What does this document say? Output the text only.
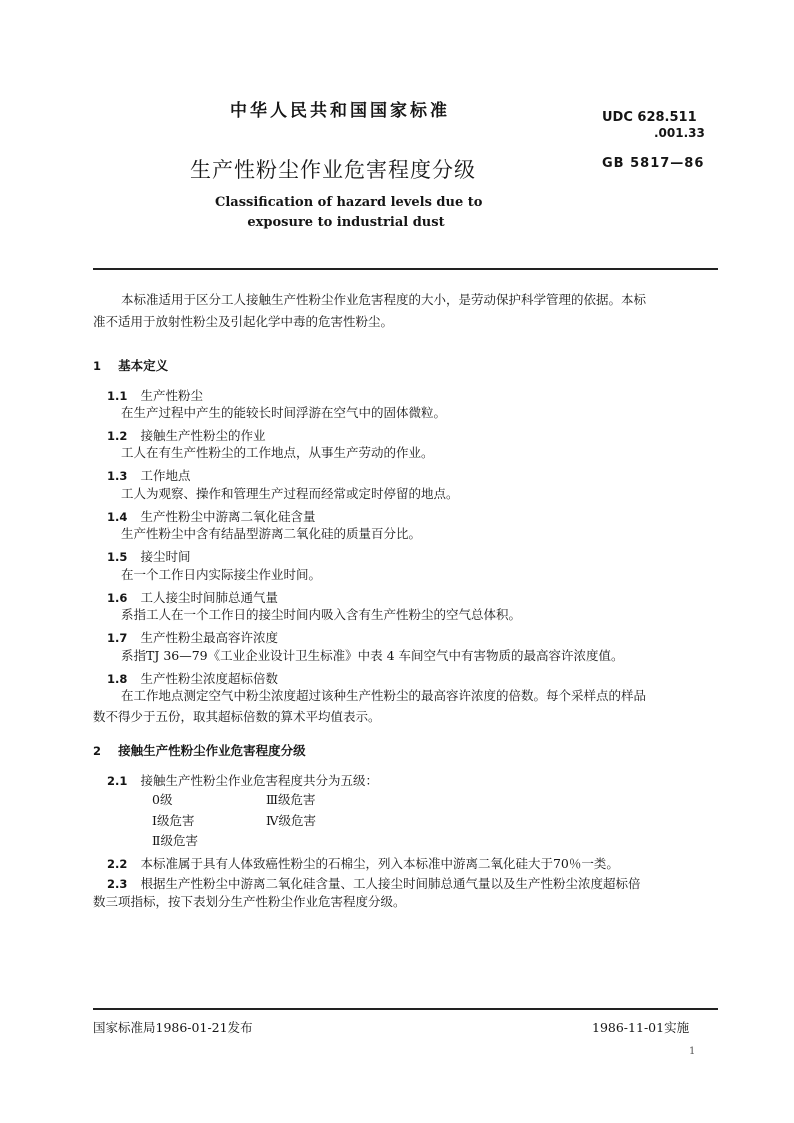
中华人民共和国国家标准	UDC 628.511
.001.33
GB 5817—86
生产性粉尘作业危害程度分级
Classification of hazard levels due to
exposure to industrial dust
本标准适用于区分工人接触生产性粉尘作业危害程度的大小，是劳动保护科学管理的依据。本标
准不适用于放射性粉尘及引起化学中毒的危害性粉尘。
1 基本定义
1.1 生产性粉尘
在生产过程中产生的能较长时间浮游在空气中的固体微粒。
1.2 接触生产性粉尘的作业
工人在有生产性粉尘的工作地点，从事生产劳动的作业。
1.3 工作地点
工人为观察、操作和管理生产过程而经常或定时停留的地点。
1.4 生产性粉尘中游离二氧化硅含量
生产性粉尘中含有结晶型游离二氧化硅的质量百分比。
1.5 接尘时间
在一个工作日内实际接尘作业时间。
1.6 工人接尘时间肺总通气量
系指工人在一个工作日的接尘时间内吸入含有生产性粉尘的空气总体积。
1.7 生产性粉尘最高容许浓度
系指TJ 36—79《工业企业设计卫生标准》中表 4 车间空气中有害物质的最高容许浓度值。
1.8 生产性粉尘浓度超标倍数
在工作地点测定空气中粉尘浓度超过该种生产性粉尘的最高容许浓度的倍数。每个采样点的样品
数不得少于五份，取其超标倍数的算术平均值表示。
2 接触生产性粉尘作业危害程度分级
2.1 接触生产性粉尘作业危害程度共分为五级：
0级	Ⅲ级危害
Ⅰ级危害	Ⅳ级危害
Ⅱ级危害
2.2 本标准属于具有人体致癌性粉尘的石棉尘，列入本标准中游离二氧化硅大于70％一类。
2.3 根据生产性粉尘中游离二氧化硅含量、工人接尘时间肺总通气量以及生产性粉尘浓度超标倍
数三项指标，按下表划分生产性粉尘作业危害程度分级。
国家标准局1986-01-21发布	1986-11-01实施
1
